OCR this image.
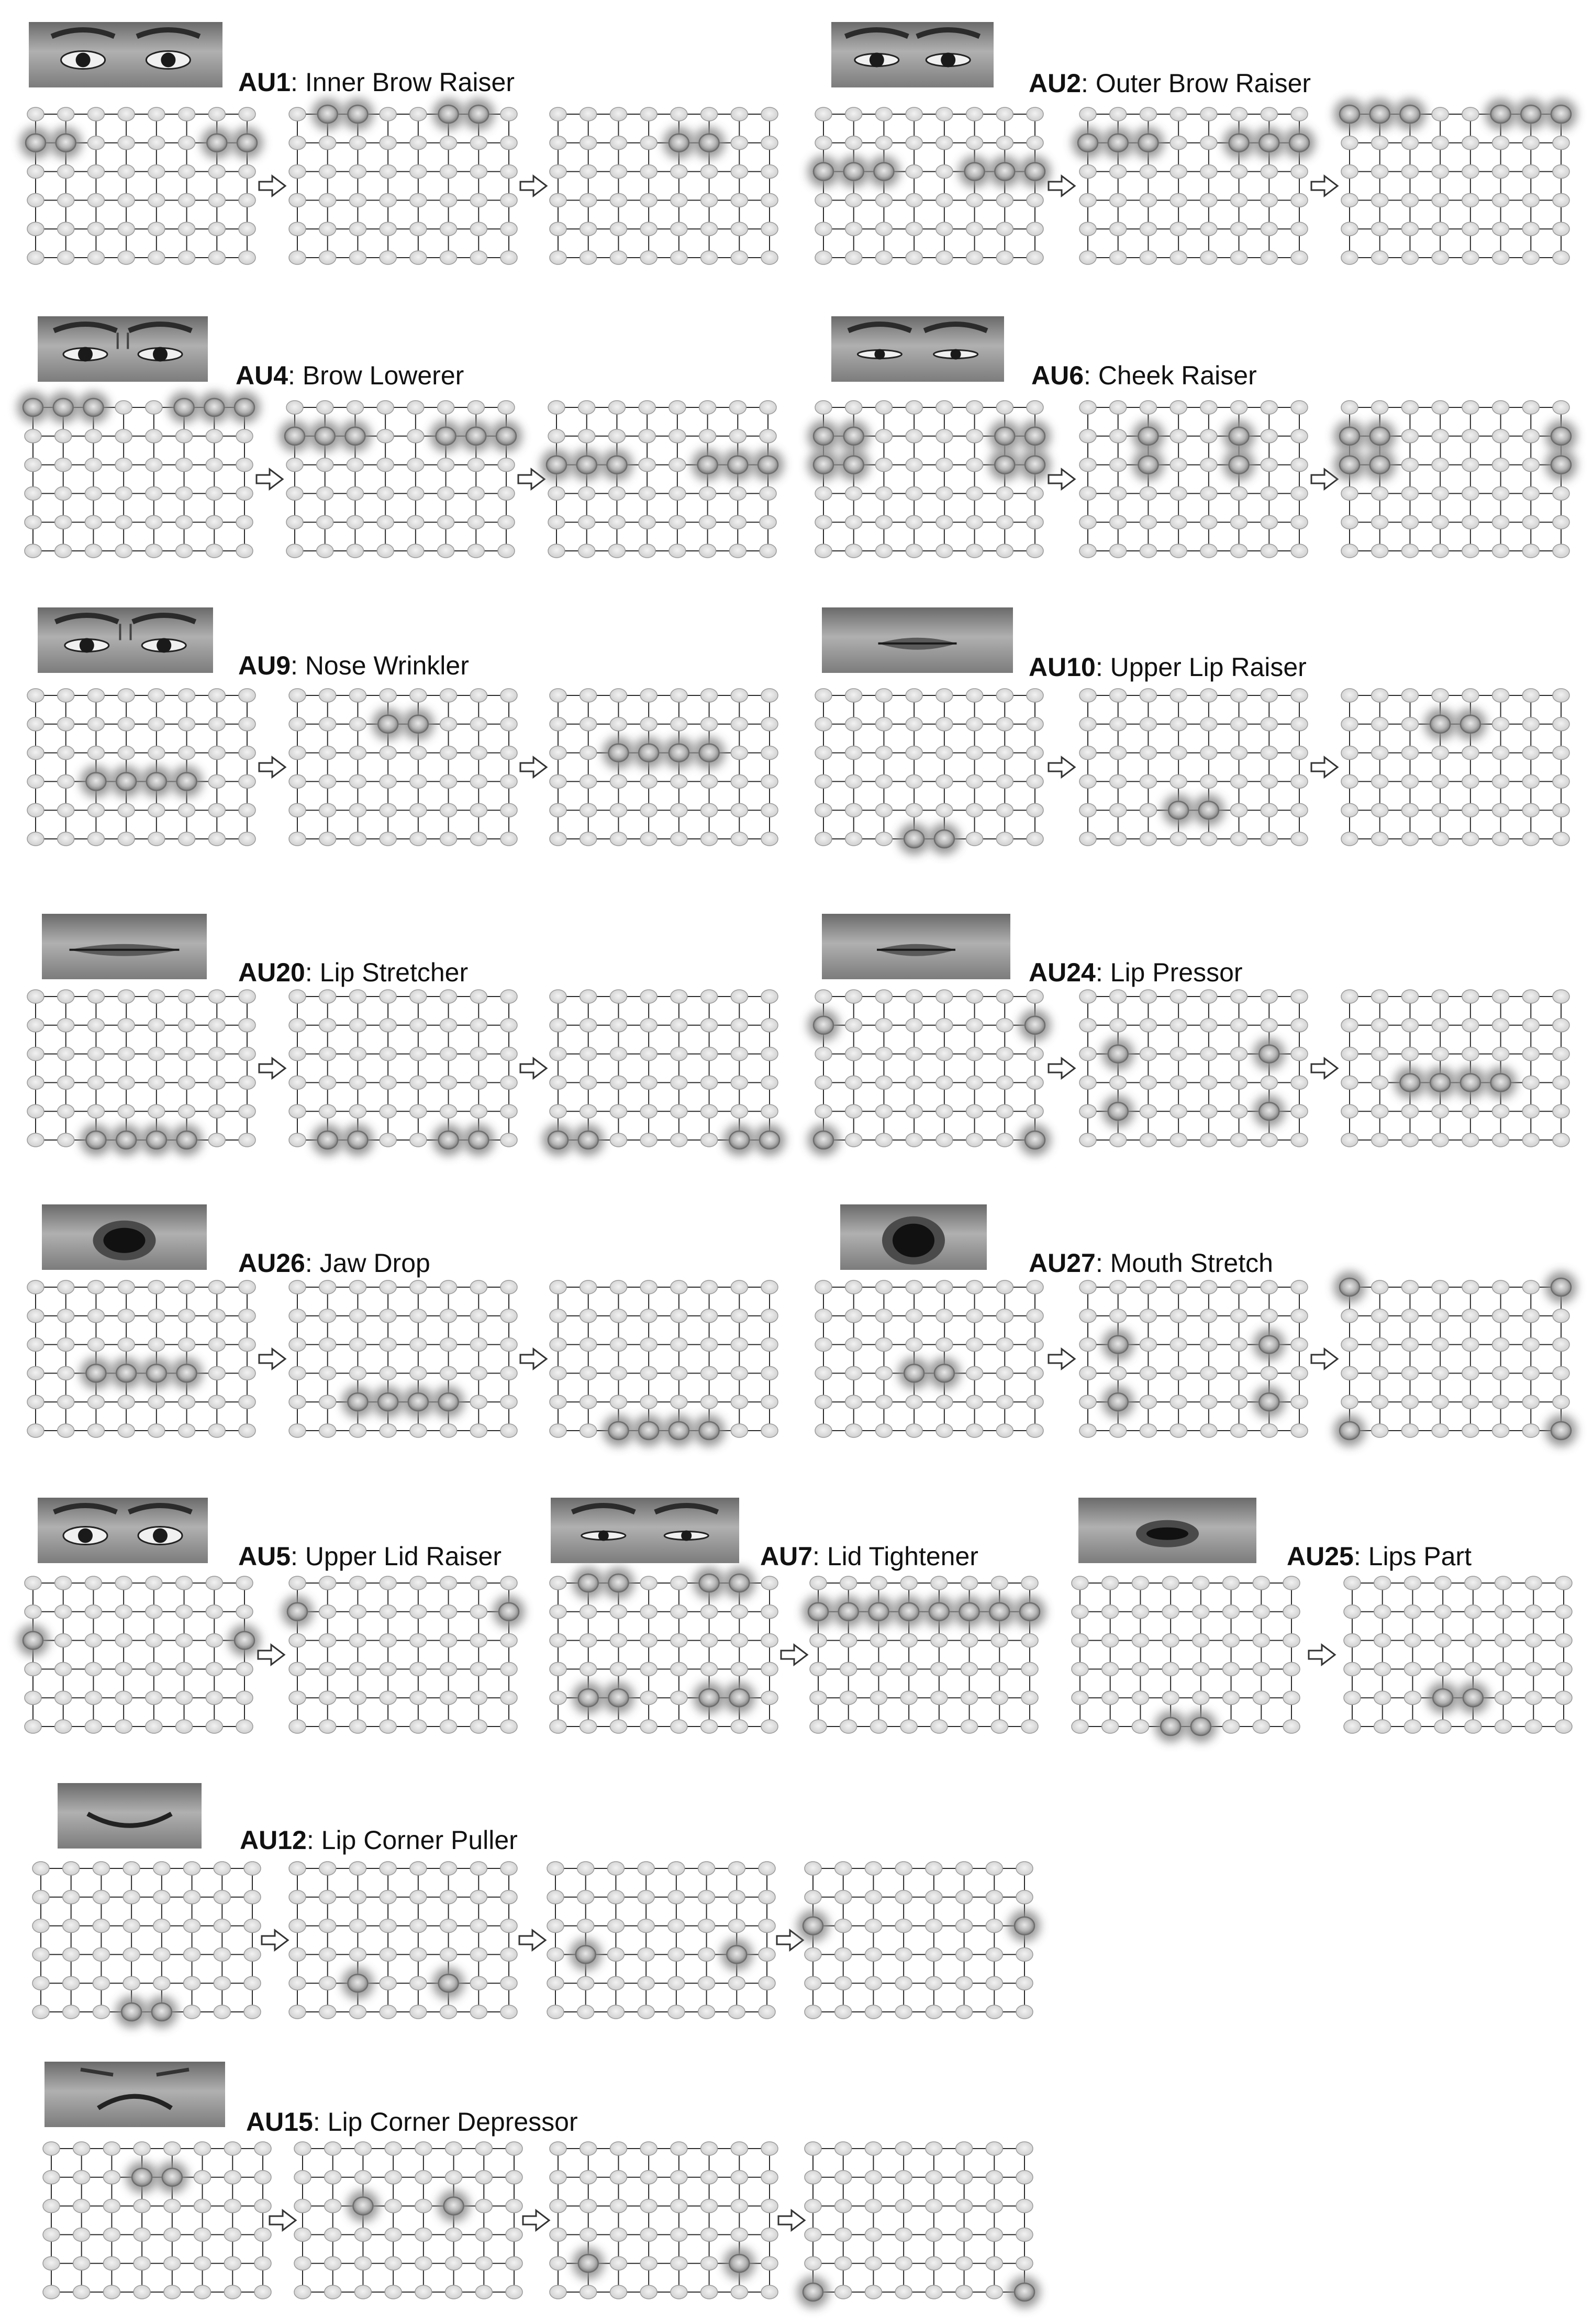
AU1: Inner Brow Raiser	AU2: Outer Brow Raiser
AU4: Brow Lowerer	AU6: Cheek Raiser
AU9: Nose Wrinkler	AU10: Upper Lip Raiser
AU20: Lip Stretcher	AU24: Lip Pressor
AU26: Jaw Drop	AU27: Mouth Stretch
AU5: Upper Lid Raiser	AU7: Lid Tightener	AU25: Lips Part
AU12: Lip Corner Puller
AU15: Lip Corner Depressor
